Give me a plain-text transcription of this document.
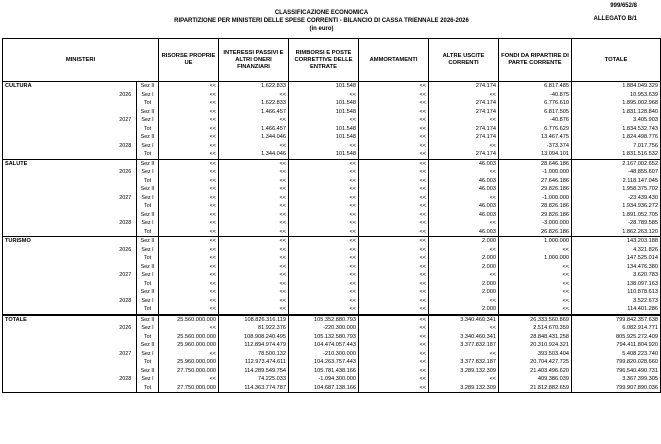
999/652/8
CLASSIFICAZIONE ECONOMICA
RIPARTIZIONE PER MINISTERI DELLE SPESE CORRENTI - BILANCIO DI CASSA TRIENNALE 2026-2026
(in euro)
ALLEGATO B/1
MINISTERI			RISORSE PROPRIE UE	INTERESSI PASSIVI E ALTRI ONERI FINANZIARI	RIMBORSI E POSTE CORRETTIVE DELLE ENTRATE	AMMORTAMENTI	ALTRE USCITE CORRENTI	FONDI DA RIPARTIRE DI PARTE CORRENTE	TOTALE
CULTURA		Sez II	<<	1.622.833	101.548	<<	274.174	6.817.485	1.884.049.329
	2026	Sez I	<<	<<	<<	<<	<<	-40.875	10.953.639
		Tot	<<	1.622.833	101.548	<<	274.174	6.776.610	1.895.002.968
		Sez II	<<	1.466.457	101.548	<<	274.174	6.817.505	1.831.128.840
	2027	Sez I	<<	<<	<<	<<	<<	-40.876	3.405.903
		Tot	<<	1.466.457	101.548	<<	274.174	6.776.629	1.834.532.743
		Sez II	<<	1.344.046	101.548	<<	274.174	13.467.475	1.824.498.776
	2028	Sez I	<<	<<	<<	<<	<<	-373.374	7.017.756
		Tot	<<	1.344.046	101.548	<<	274.174	13.094.101	1.831.516.532
SALUTE		Sez II	<<	<<	<<	<<	46.003	28.646.186	2.167.002.652
	2026	Sez I	<<	<<	<<	<<	<<	-1.000.000	-48.855.607
		Tot	<<	<<	<<	<<	46.003	27.646.186	2.118.147.045
		Sez II	<<	<<	<<	<<	46.003	29.826.186	1.958.375.702
	2027	Sez I	<<	<<	<<	<<	<<	-1.000.000	-23.439.430
		Tot	<<	<<	<<	<<	46.003	28.826.186	1.934.936.272
		Sez II	<<	<<	<<	<<	46.003	29.826.186	1.891.052.705
	2028	Sez I	<<	<<	<<	<<	<<	-3.000.000	-28.789.585
		Tot	<<	<<	<<	<<	46.003	26.826.186	1.862.263.120
TURISMO		Sez II	<<	<<	<<	<<	2.000	1.000.000	143.203.188
	2026	Sez I	<<	<<	<<	<<	<<	<<	4.321.826
		Tot	<<	<<	<<	<<	2.000	1.000.000	147.525.014
		Sez II	<<	<<	<<	<<	2.000	<<	134.476.380
	2027	Sez I	<<	<<	<<	<<	<<	<<	3.620.783
		Tot	<<	<<	<<	<<	2.000	<<	138.097.163
		Sez II	<<	<<	<<	<<	2.000	<<	110.878.613
	2028	Sez I	<<	<<	<<	<<	<<	<<	3.522.673
		Tot	<<	<<	<<	<<	2.000	<<	114.401.286
TOTALE		Sez II	25.560.000.000	108.826.316.119	105.352.880.793	<<	3.340.460.341	26.333.560.869	799.842.357.638
	2026	Sez I	<<	81.922.376	-220.300.000	<<	<<	2.514.670.359	6.082.914.771
		Tot	25.560.000.000	108.908.240.495	105.132.580.793	<<	3.340.460.341	28.848.431.258	805.925.272.409
		Sez II	25.960.000.000	112.894.974.479	104.474.057.443	<<	3.377.832.187	20.310.924.321	794.411.804.920
	2027	Sez I	<<	78.500.132	-210.300.000	<<	<<	393.503.404	5.408.223.740
		Tot	25.960.000.000	112.973.474.611	104.263.757.443	<<	3.377.832.187	20.704.427.725	799.820.028.660
		Sez II	27.750.000.000	114.289.549.754	105.781.438.166	<<	3.289.132.309	21.403.496.620	796.540.490.731
	2028	Sez I	<<	74.225.033	-1.094.300.000	<<	<<	409.386.039	3.367.399.305
		Tot	27.750.000.000	114.363.774.787	104.687.138.166	<<	3.289.132.309	21.812.882.659	799.907.890.036
